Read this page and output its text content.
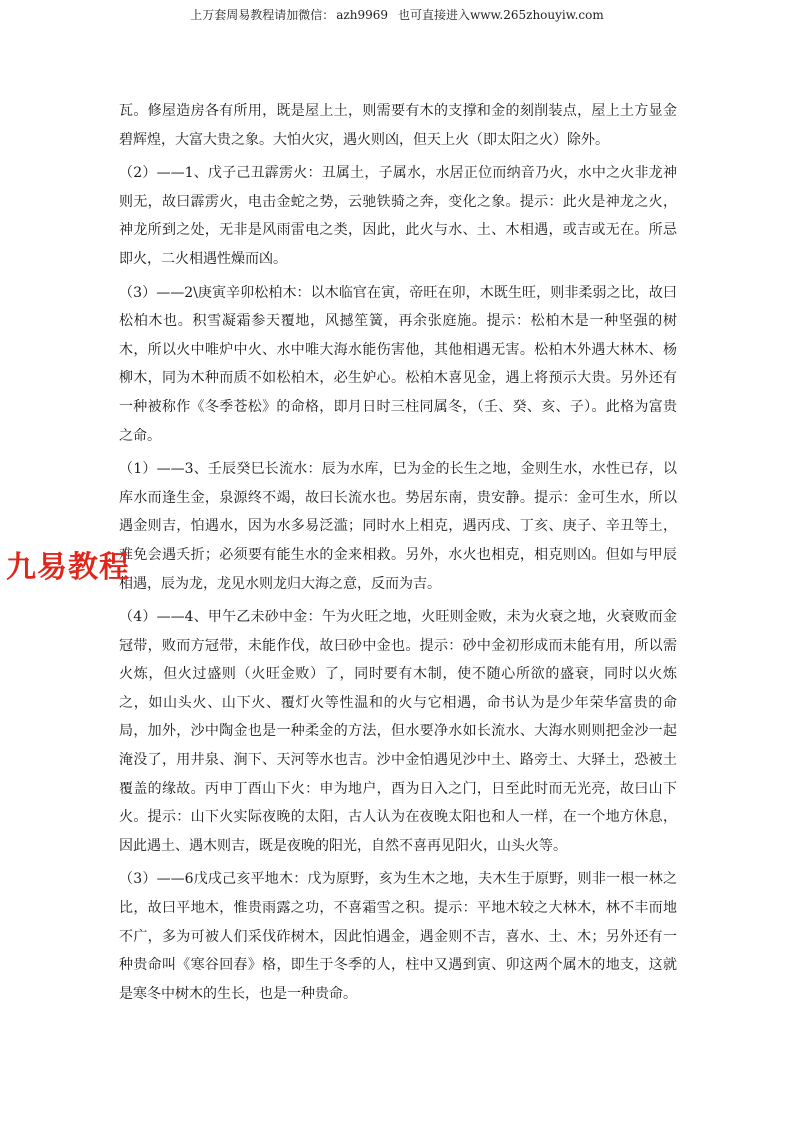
上万套周易教程请加微信： azh9969 也可直接进入www.265zhouyiw.com

瓦。修屋造房各有所用，既是屋上土，则需要有木的支撑和金的刻削装点，屋上土方显金碧辉煌，大富大贵之象。大怕火灾，遇火则凶，但天上火（即太阳之火）除外。

（2）——1、戊子己丑霹雳火：丑属土，子属水，水居正位而纳音乃火，水中之火非龙神则无，故曰霹雳火，电击金蛇之势，云驰铁骑之奔，变化之象。提示：此火是神龙之火，神龙所到之处，无非是风雨雷电之类，因此，此火与水、土、木相遇，或吉或无在。所忌即火，二火相遇性燥而凶。

（3）——2\庚寅辛卯松柏木：以木临官在寅，帝旺在卯，木既生旺，则非柔弱之比，故曰松柏木也。积雪凝霜参天覆地，风撼笙簧，再余张庭施。提示：松柏木是一种坚强的树木，所以火中唯炉中火、水中唯大海水能伤害他，其他相遇无害。松柏木外遇大林木、杨柳木，同为木种而质不如松柏木，必生妒心。松柏木喜见金，遇上将预示大贵。另外还有一种被称作《冬季苍松》的命格，即月日时三柱同属冬，（壬、癸、亥、子）。此格为富贵之命。

（1）——3、壬辰癸巳长流水：辰为水库，巳为金的长生之地，金则生水，水性已存，以库水而逢生金，泉源终不竭，故曰长流水也。势居东南，贵安静。提示：金可生水，所以遇金则吉，怕遇水，因为水多易泛滥；同时水上相克，遇丙戌、丁亥、庚子、辛丑等土，难免会遇夭折；必须要有能生水的金来相救。另外，水火也相克，相克则凶。但如与甲辰相遇，辰为龙，龙见水则龙归大海之意，反而为吉。

（4）——4、甲午乙未砂中金：午为火旺之地，火旺则金败，未为火衰之地，火衰败而金冠带，败而方冠带，未能作伐，故曰砂中金也。提示：砂中金初形成而未能有用，所以需火炼，但火过盛则（火旺金败）了，同时要有木制，使不随心所欲的盛衰，同时以火炼之，如山头火、山下火、覆灯火等性温和的火与它相遇，命书认为是少年荣华富贵的命局，加外，沙中陶金也是一种柔金的方法，但水要净水如长流水、大海水则则把金沙一起淹没了，用井泉、涧下、天河等水也吉。沙中金怕遇见沙中土、路旁土、大驿土，恐被土覆盖的缘故。丙申丁酉山下火：申为地户，酉为日入之门，日至此时而无光亮，故曰山下火。提示：山下火实际夜晚的太阳，古人认为在夜晚太阳也和人一样，在一个地方休息，因此遇土、遇木则吉，既是夜晚的阳光，自然不喜再见阳火，山头火等。

（3）——6戊戌己亥平地木：戊为原野，亥为生木之地，夫木生于原野，则非一根一林之比，故曰平地木，惟贵雨露之功，不喜霜雪之积。提示：平地木较之大林木，林不丰而地不广，多为可被人们采伐砟树木，因此怕遇金，遇金则不吉，喜水、土、木；另外还有一种贵命叫《寒谷回春》格，即生于冬季的人，柱中又遇到寅、卯这两个属木的地支，这就是寒冬中树木的生长，也是一种贵命。

九易教程
